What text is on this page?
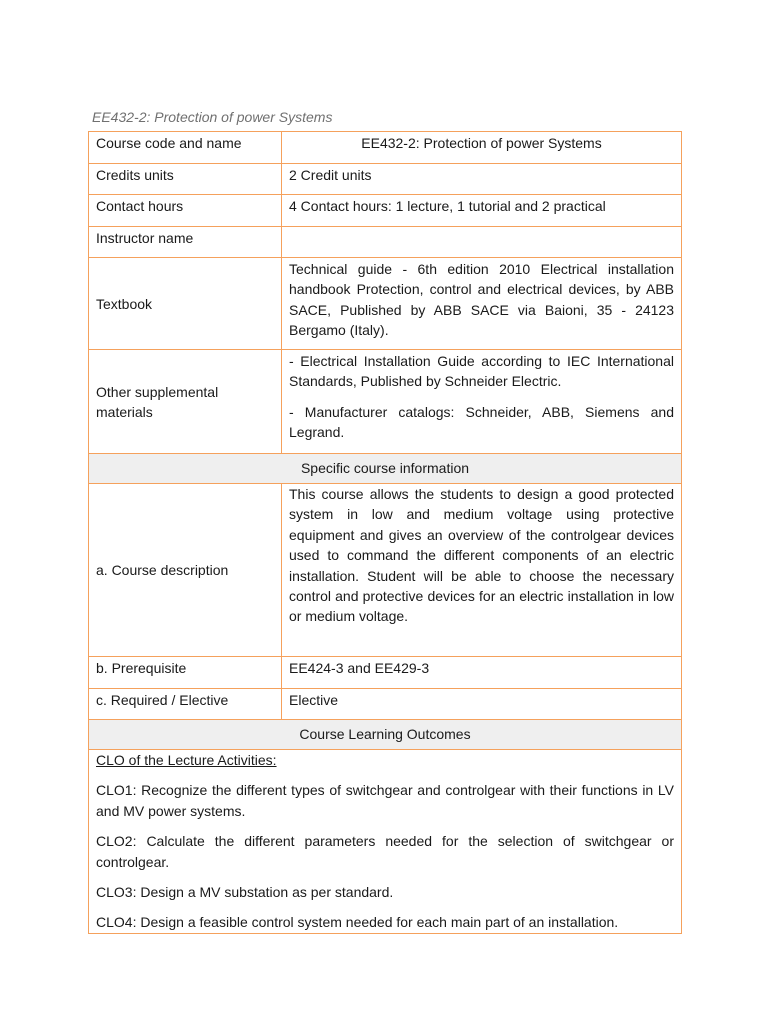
EE432-2: Protection of power Systems
Course code and name	EE432-2: Protection of power Systems
Credits units	2 Credit units
Contact hours	4 Contact hours: 1 lecture, 1 tutorial and 2 practical
Instructor name	
Textbook	Technical guide - 6th edition 2010 Electrical installation handbook Protection, control and electrical devices, by ABB SACE, Published by ABB SACE via Baioni, 35 - 24123 Bergamo (Italy).
Other supplemental materials	- Electrical Installation Guide according to IEC International Standards, Published by Schneider Electric.
- Manufacturer catalogs: Schneider, ABB, Siemens and Legrand.

Specific course information	
a. Course description	This course allows the students to design a good protected system in low and medium voltage using protective equipment and gives an overview of the controlgear devices used to command the different components of an electric installation. Student will be able to choose the necessary control and protective devices for an electric installation in low or medium voltage.
b. Prerequisite	EE424-3 and EE429-3
c. Required / Elective	Elective
Course Learning Outcomes	

CLO of the Lecture Activities:
CLO1: Recognize the different types of switchgear and controlgear with their functions in LV and MV power systems.
CLO2: Calculate the different parameters needed for the selection of switchgear or controlgear.
CLO3: Design a MV substation as per standard.
CLO4: Design a feasible control system needed for each main part of an installation.	
